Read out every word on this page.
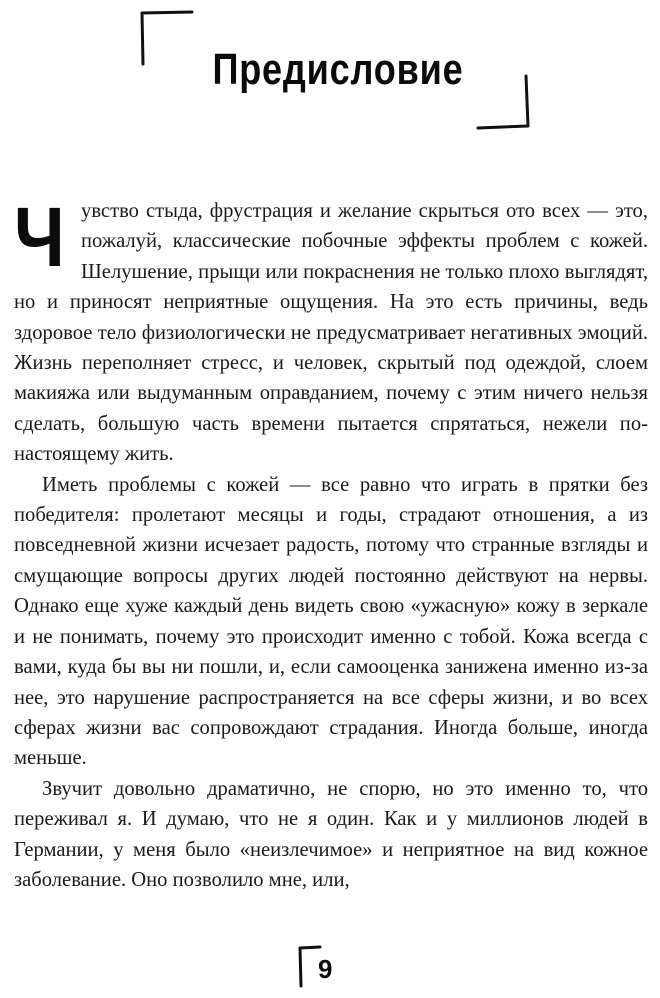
Предисловие

Чувство стыда, фрустрация и желание скрыться ото всех — это, пожалуй, классические побочные эффекты проблем с кожей. Шелушение, прыщи или покраснения не только плохо выглядят, но и приносят неприятные ощущения. На это есть причины, ведь здоровое тело физиологически не предусматривает негативных эмоций. Жизнь переполняет стресс, и человек, скрытый под одеждой, слоем макияжа или выдуманным оправданием, почему с этим ничего нельзя сделать, большую часть времени пытается спрятаться, нежели по-настоящему жить.

Иметь проблемы с кожей — все равно что играть в прятки без победителя: пролетают месяцы и годы, страдают отношения, а из повседневной жизни исчезает радость, потому что странные взгляды и смущающие вопросы других людей постоянно действуют на нервы. Однако еще хуже каждый день видеть свою «ужасную» кожу в зеркале и не понимать, почему это происходит именно с тобой. Кожа всегда с вами, куда бы вы ни пошли, и, если самооценка занижена именно из-за нее, это нарушение распространяется на все сферы жизни, и во всех сферах жизни вас сопровождают страдания. Иногда больше, иногда меньше.

Звучит довольно драматично, не спорю, но это именно то, что переживал я. И думаю, что не я один. Как и у миллионов людей в Германии, у меня было «неизлечимое» и неприятное на вид кожное заболевание. Оно позволило мне, или,

9
